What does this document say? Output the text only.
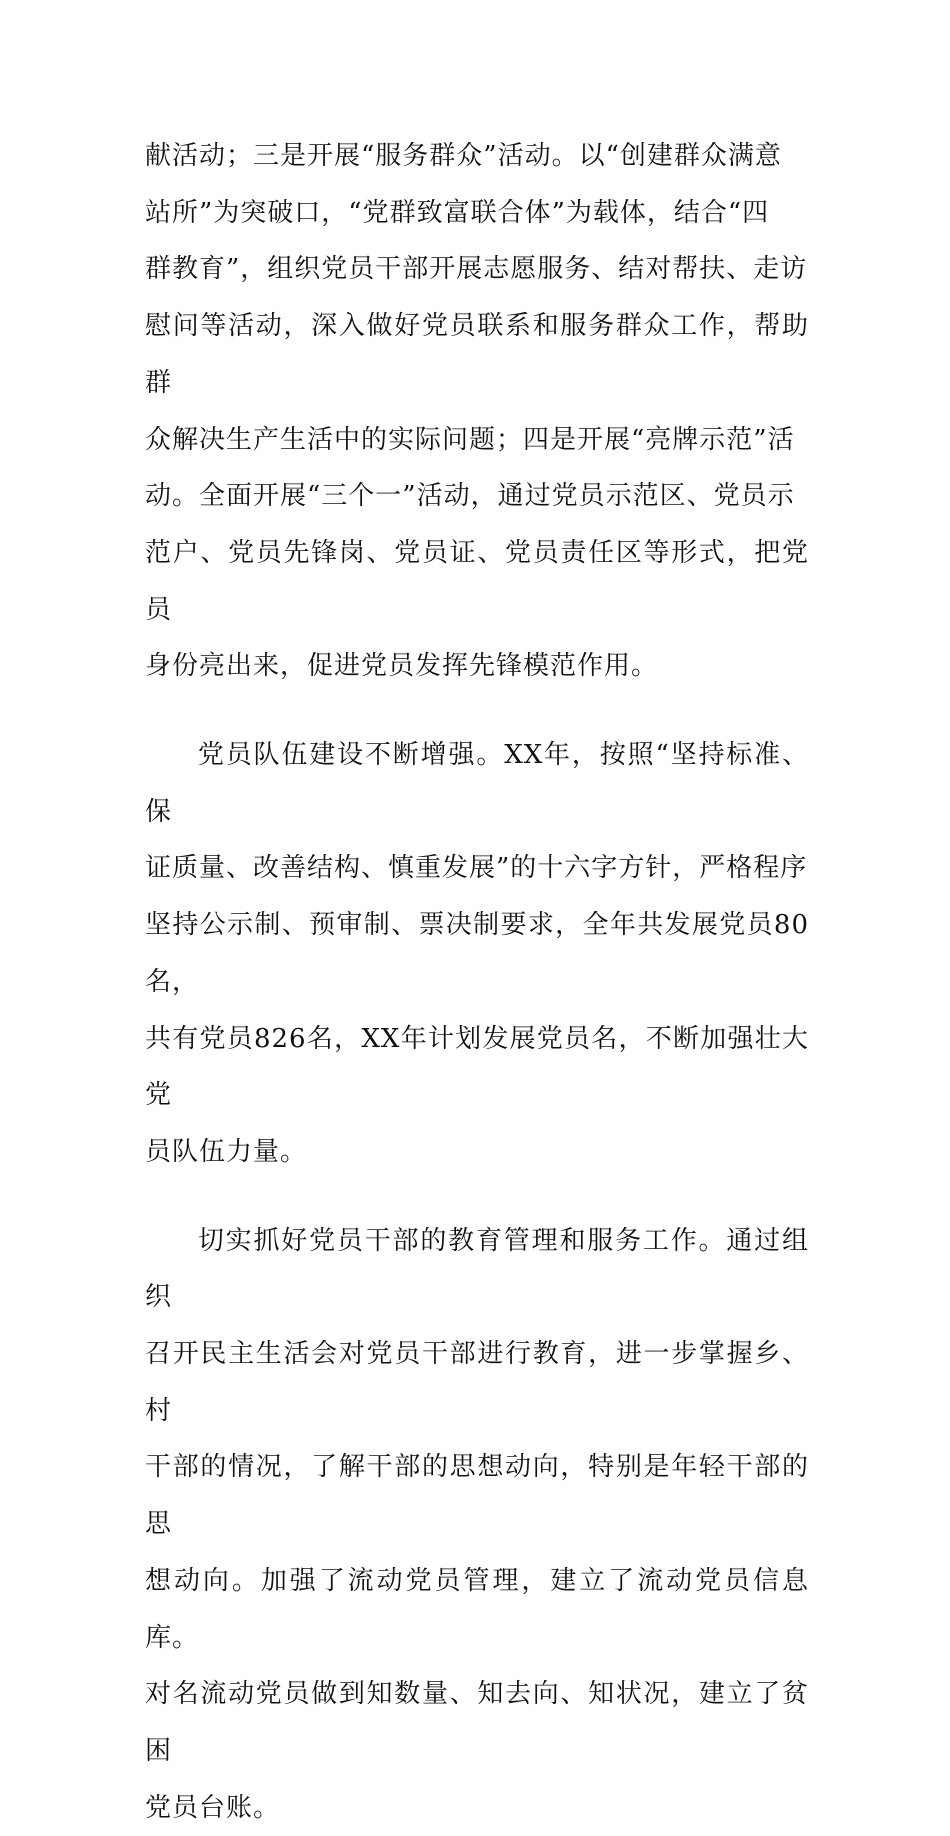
献活动；三是开展“服务群众”活动。以“创建群众满意
站所”为突破口，“党群致富联合体”为载体，结合“四
群教育”，组织党员干部开展志愿服务、结对帮扶、走访
慰问等活动，深入做好党员联系和服务群众工作，帮助群
众解决生产生活中的实际问题；四是开展“亮牌示范”活
动。全面开展“三个一”活动，通过党员示范区、党员示
范户、党员先锋岗、党员证、党员责任区等形式，把党员
身份亮出来，促进党员发挥先锋模范作用。
党员队伍建设不断增强。XX年，按照“坚持标准、保
证质量、改善结构、慎重发展”的十六字方针，严格程序
坚持公示制、预审制、票决制要求，全年共发展党员80名，
共有党员826名，XX年计划发展党员名，不断加强壮大党
员队伍力量。
切实抓好党员干部的教育管理和服务工作。通过组织
召开民主生活会对党员干部进行教育，进一步掌握乡、村
干部的情况，了解干部的思想动向，特别是年轻干部的思
想动向。加强了流动党员管理，建立了流动党员信息库。
对名流动党员做到知数量、知去向、知状况，建立了贫困
党员台账。
